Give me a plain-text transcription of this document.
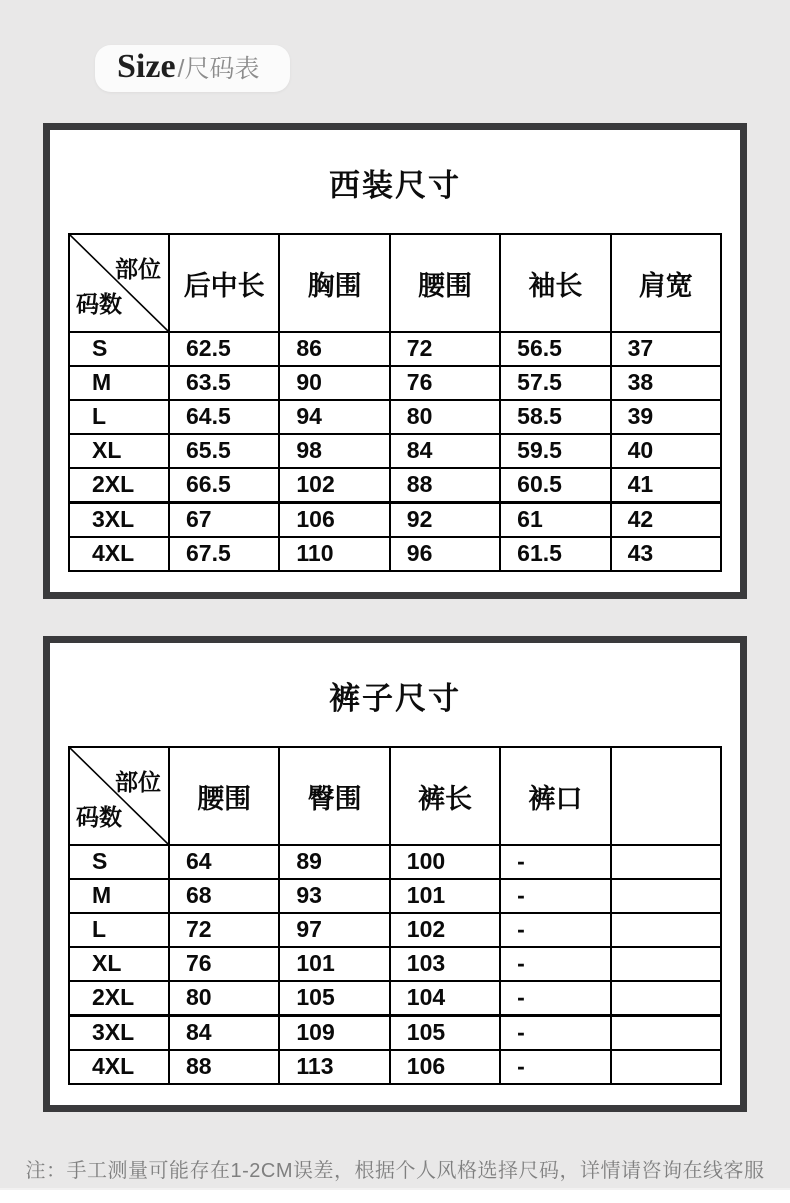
Size /尺码表
西装尺寸
部位
码数	后中长	胸围	腰围	袖长	肩宽
S	62.5	86	72	56.5	37
M	63.5	90	76	57.5	38
L	64.5	94	80	58.5	39
XL	65.5	98	84	59.5	40
2XL	66.5	102	88	60.5	41
3XL	67	106	92	61	42
4XL	67.5	110	96	61.5	43
裤子尺寸
部位
码数	腰围	臀围	裤长	裤口	
S	64	89	100	-	
M	68	93	101	-	
L	72	97	102	-	
XL	76	101	103	-	
2XL	80	105	104	-	
3XL	84	109	105	-	
4XL	88	113	106	-	

注：手工测量可能存在1-2CM误差，根据个人风格选择尺码，详情请咨询在线客服
